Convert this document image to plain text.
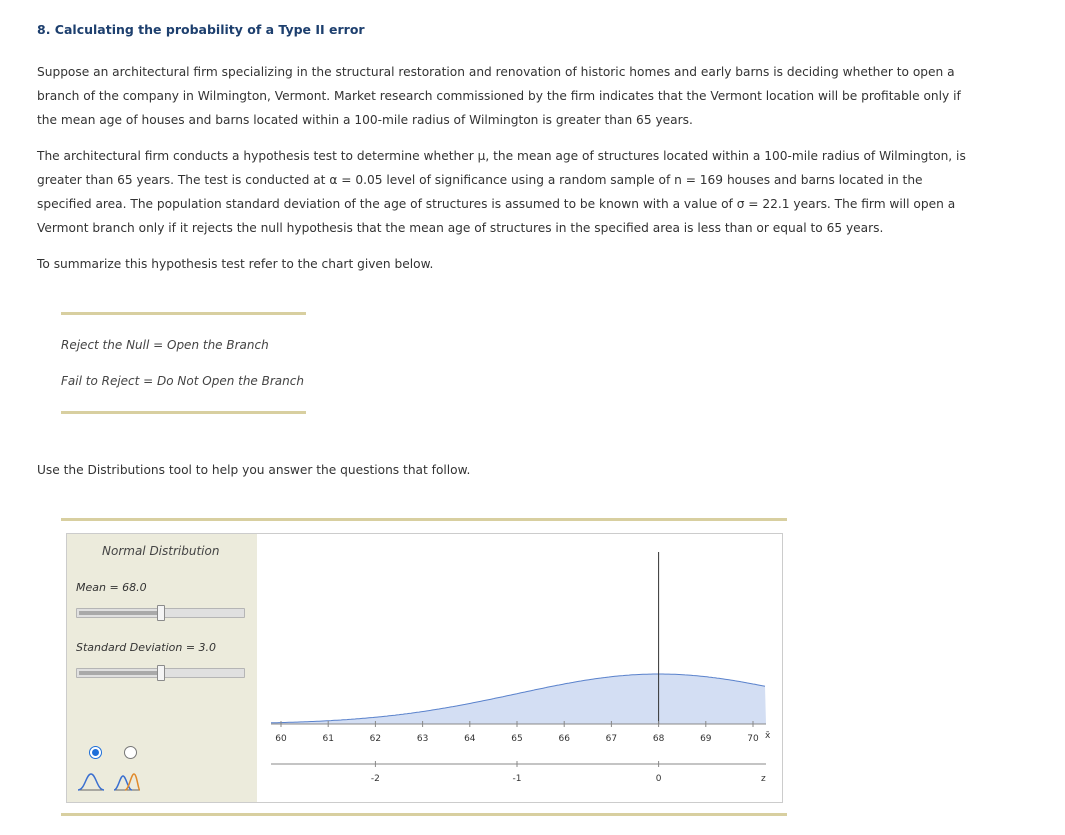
8. Calculating the probability of a Type II error
Suppose an architectural firm specializing in the structural restoration and renovation of historic homes and early barns is deciding whether to open a branch of the company in Wilmington, Vermont. Market research commissioned by the firm indicates that the Vermont location will be profitable only if the mean age of houses and barns located within a 100-mile radius of Wilmington is greater than 65 years.
The architectural firm conducts a hypothesis test to determine whether μ, the mean age of structures located within a 100-mile radius of Wilmington, is greater than 65 years. The test is conducted at α = 0.05 level of significance using a random sample of n = 169 houses and barns located in the specified area. The population standard deviation of the age of structures is assumed to be known with a value of σ = 22.1 years. The firm will open a Vermont branch only if it rejects the null hypothesis that the mean age of structures in the specified area is less than or equal to 65 years.
To summarize this hypothesis test refer to the chart given below.
Reject the Null = Open the Branch
Fail to Reject = Do Not Open the Branch
Use the Distributions tool to help you answer the questions that follow.
Normal Distribution
Mean = 68.0
Standard Deviation = 3.0
60	61	62	63	64	65	66	67	68	69	70
-2	-1	0
x̄
z
